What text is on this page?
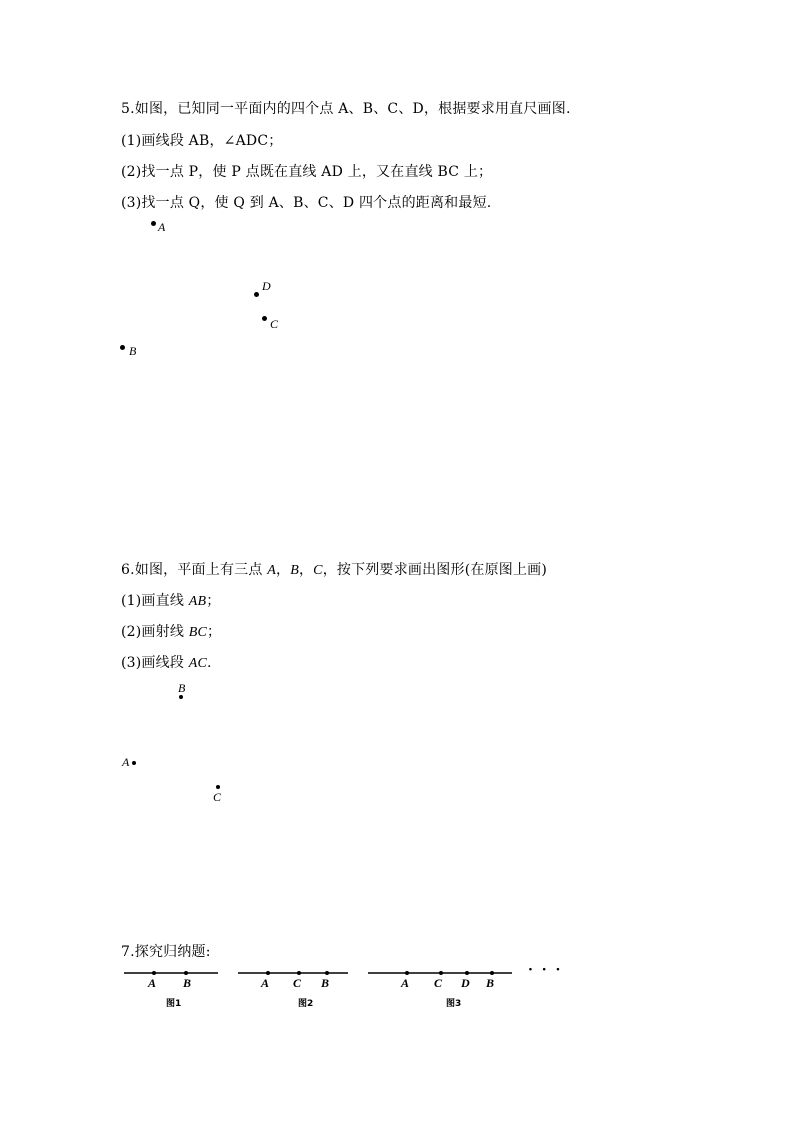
5.如图，已知同一平面内的四个点 A、B、C、D，根据要求用直尺画图.
(1)画线段 AB，∠ADC；
(2)找一点 P，使 P 点既在直线 AD 上，又在直线 BC 上；
(3)找一点 Q，使 Q 到 A、B、C、D 四个点的距离和最短.
A
D
C
B
6.如图，平面上有三点 A，B，C，按下列要求画出图形(在原图上画)
(1)画直线 AB；
(2)画射线 BC；
(3)画线段 AC.
B
A
C
7.探究归纳题:
A B
图1
A C B
图2
A C D B
图3
· · ·
